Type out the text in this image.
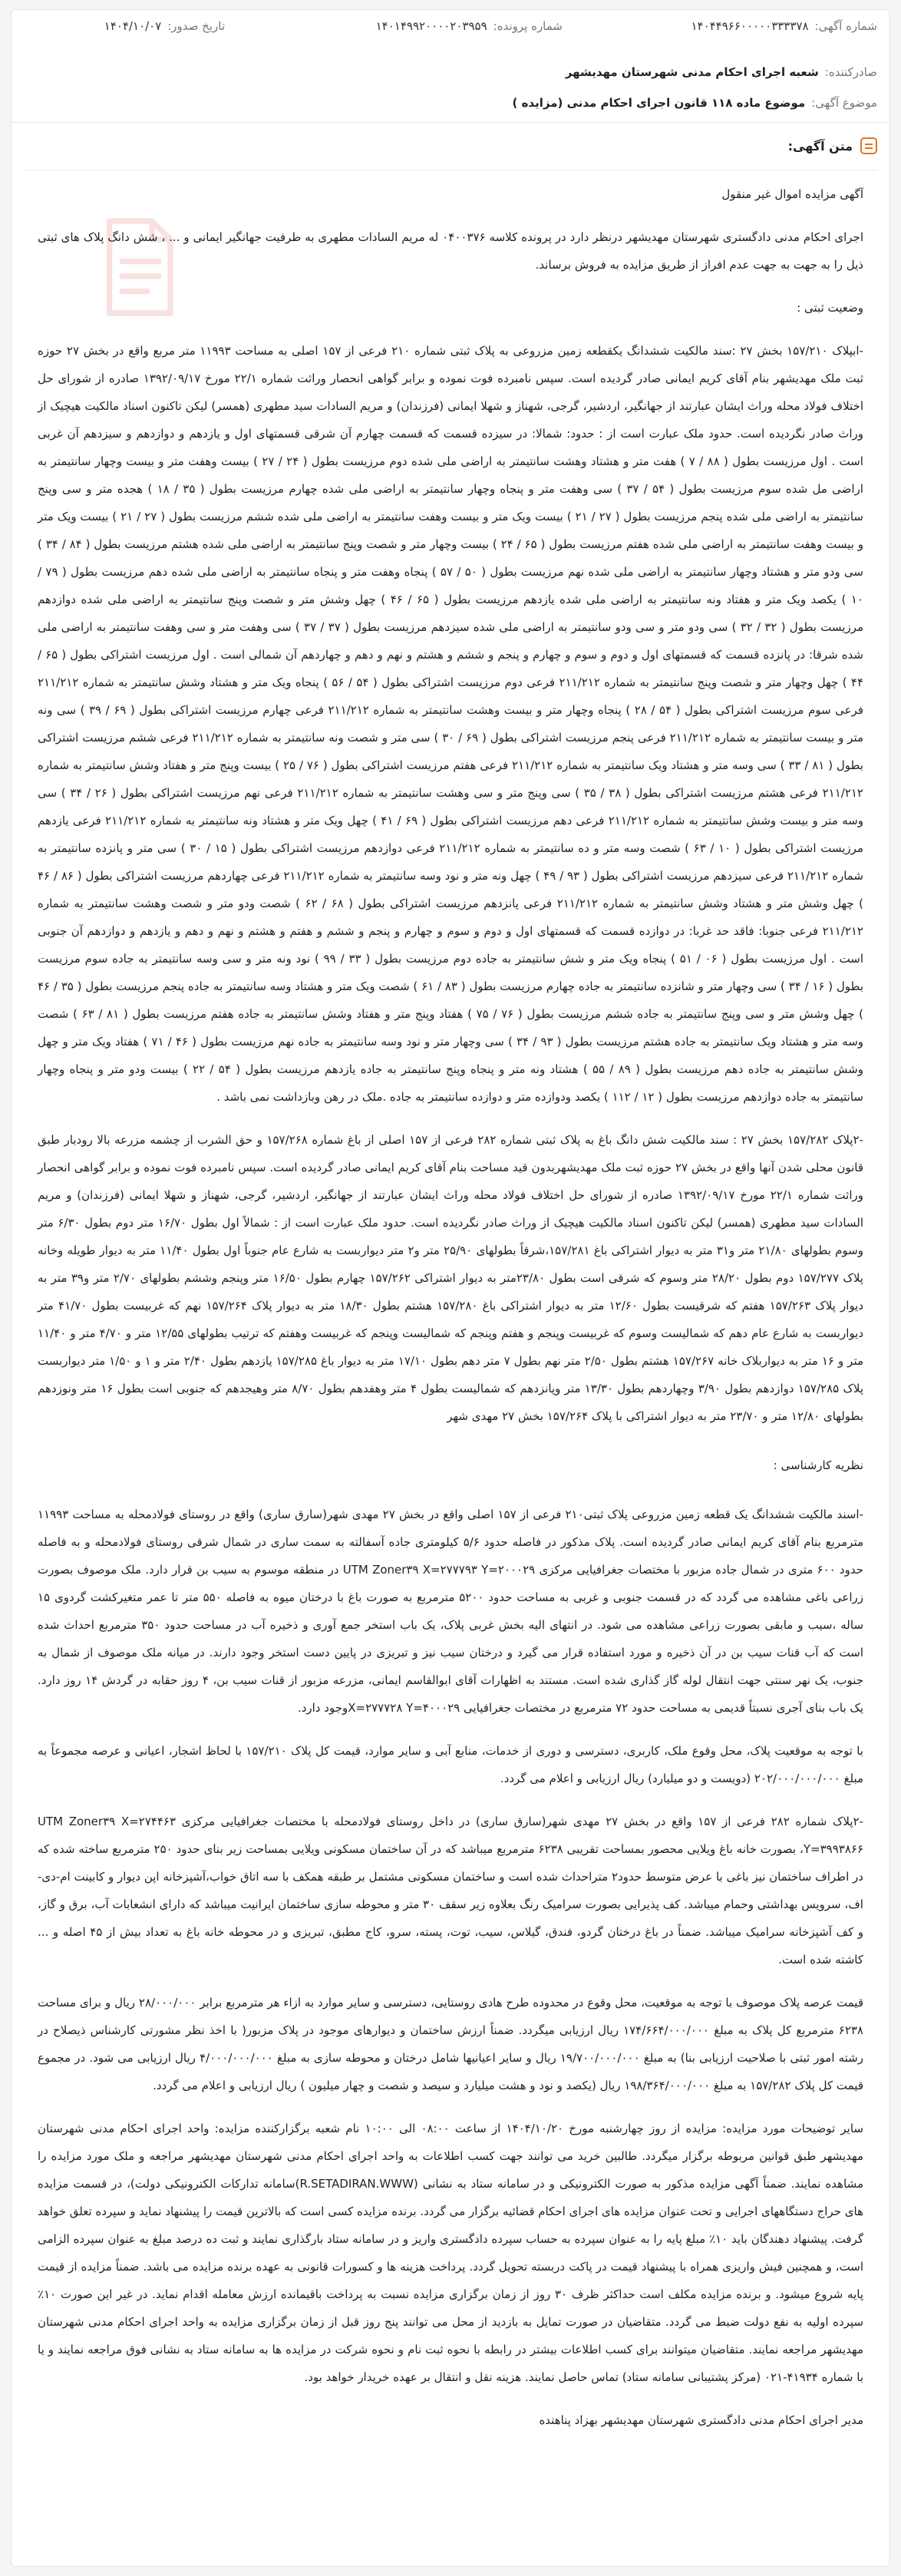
شماره آگهی:۱۴۰۴۴۹۶۶۰۰۰۰۰۳۳۳۳۷۸
شماره پرونده:۱۴۰۱۴۹۹۲۰۰۰۰۲۰۳۹۵۹
تاریخ صدور:۱۴۰۴/۱۰/۰۷
صادرکننده:شعبه اجرای احکام مدنی شهرستان مهدیشهر
موضوع آگهی:موضوع ماده ۱۱۸ قانون اجرای احکام مدنی (مزایده )
متن آگهی:

آگهی مزایده اموال غیر منقول

اجرای احکام مدنی دادگستری شهرستان مهدیشهر درنظر دارد در پرونده کلاسه ۰۴۰۰۳۷۶ له مریم السادات مطهری به طرفیت جهانگیر ایمانی و ... ، شش دانگ پلاک های ثبتی ذیل را به جهت به جهت عدم افراز از طریق مزایده به فروش برساند.

وضعیت ثبتی :

-ابپلاک ۱۵۷/۲۱۰ بخش ۲۷ :سند مالکیت ششدانگ یکقطعه زمین مزروعی به پلاک ثبتی شماره ۲۱۰ فرعی از ۱۵۷ اصلی به مساحت ۱۱۹۹۳ متر مربع واقع در بخش ۲۷ حوزه ثبت ملک مهدیشهر بنام آقای کریم ایمانی صادر گردیده است. سپس نامبرده فوت نموده و برابر گواهی انحصار وراثت شماره ۲۲/۱ مورخ ۱۳۹۲/۰۹/۱۷ صادره از شورای حل اختلاف فولاد محله وراث ایشان عبارتند از جهانگیر، اردشیر، گرجی، شهناز و شهلا ایمانی (فرزندان) و مریم السادات سید مطهری (همسر) لیکن تاکنون اسناد مالکیت هیچیک از وراث صادر نگردیده است. حدود ملک عبارت است از : حدود: شمالا: در سیزده قسمت که قسمت چهارم آن شرقی قسمتهای اول و یازدهم و دوازدهم و سیزدهم آن غربی است . اول مرزیست بطول ( ۸۸ / ۷ ) هفت متر و هشتاد وهشت سانتیمتر به اراضی ملی شده دوم مرزیست بطول ( ۲۴ / ۲۷ ) بیست وهفت متر و بیست وچهار سانتیمتر به اراضی مل شده سوم مرزیست بطول ( ۵۴ / ۳۷ ) سی وهفت متر و پنجاه وچهار سانتیمتر به اراضی ملی شده چهارم مرزیست بطول ( ۳۵ / ۱۸ ) هجده متر و سی وپنج سانتیمتر به اراضی ملی شده پنجم مرزیست بطول ( ۲۷ / ۲۱ ) بیست ویک متر و بیست وهفت سانتیمتر به اراضی ملی شده ششم مرزیست بطول ( ۲۷ / ۲۱ ) بیست ویک متر و بیست وهفت سانتیمتر به اراضی ملی شده هفتم مرزیست بطول ( ۶۵ / ۲۴ ) بیست وچهار متر و شصت وپنج سانتیمتر به اراضی ملی شده هشتم مرزیست بطول ( ۸۴ / ۳۴ ) سی ودو متر و هشتاد وچهار سانتیمتر به اراضی ملی شده نهم مرزیست بطول ( ۵۰ / ۵۷ ) پنجاه وهفت متر و پنجاه سانتیمتر به اراضی ملی شده دهم مرزیست بطول ( ۷۹ / ۱۰ ) یکصد ویک متر و هفتاد ونه سانتیمتر به اراضی ملی شده یازدهم مرزیست بطول ( ۶۵ / ۴۶ ) چهل وشش متر و شصت وپنج سانتیمتر به اراضی ملی شده دوازدهم مرزیست بطول ( ۳۲ / ۳۲ ) سی ودو متر و سی ودو سانتیمتر به اراضی ملی شده سیزدهم مرزیست بطول ( ۳۷ / ۳۷ ) سی وهفت متر و سی وهفت سانتیمتر به اراضی ملی شده شرقا: در پانزده قسمت که قسمتهای اول و دوم و سوم و چهارم و پنجم و ششم و هشتم و نهم و دهم و چهاردهم آن شمالی است . اول مرزیست اشتراکی بطول ( ۶۵ / ۴۴ ) چهل وچهار متر و شصت وپنج سانتیمتر به شماره ۲۱۱/۲۱۲ فرعی دوم مرزیست اشتراکی بطول ( ۵۴ / ۵۶ ) پنجاه ویک متر و هشتاد وشش سانتیمتر به شماره ۲۱۱/۲۱۲ فرعی سوم مرزیست اشتراکی بطول ( ۵۴ / ۲۸ ) پنجاه وچهار متر و بیست وهشت سانتیمتر به شماره ۲۱۱/۲۱۲ فرعی چهارم مرزیست اشتراکی بطول ( ۶۹ / ۳۹ ) سی ونه متر و بیست سانتیمتر به شماره ۲۱۱/۲۱۲ فرعی پنجم مرزیست اشتراکی بطول ( ۶۹ / ۳۰ ) سی متر و شصت ونه سانتیمتر به شماره ۲۱۱/۲۱۲ فرعی ششم مرزیست اشتراکی بطول ( ۸۱ / ۳۳ ) سی وسه متر و هشتاد ویک سانتیمتر به شماره ۲۱۱/۲۱۲ فرعی هفتم مرزیست اشتراکی بطول ( ۷۶ / ۲۵ ) بیست وپنج متر و هفتاد وشش سانتیمتر به شماره ۲۱۱/۲۱۲ فرعی هشتم مرزیست اشتراکی بطول ( ۳۸ / ۳۵ ) سی وپنج متر و سی وهشت سانتیمتر به شماره ۲۱۱/۲۱۲ فرعی نهم مرزیست اشتراکی بطول ( ۲۶ / ۳۴ ) سی وسه متر و بیست وشش سانتیمتر به شماره ۲۱۱/۲۱۲ فرعی دهم مرزیست اشتراکی بطول ( ۶۹ / ۴۱ ) چهل ویک متر و هشتاد ونه سانتیمتر به شماره ۲۱۱/۲۱۲ فرعی یازدهم مرزیست اشتراکی بطول ( ۱۰ / ۶۳ ) شصت وسه متر و ده سانتیمتر به شماره ۲۱۱/۲۱۲ فرعی دوازدهم مرزیست اشتراکی بطول ( ۱۵ / ۳۰ ) سی متر و پانزده سانتیمتر به شماره ۲۱۱/۲۱۲ فرعی سیزدهم مرزیست اشتراکی بطول ( ۹۳ / ۴۹ ) چهل ونه متر و نود وسه سانتیمتر به شماره ۲۱۱/۲۱۲ فرعی چهاردهم مرزیست اشتراکی بطول ( ۸۶ / ۴۶ ) چهل وشش متر و هشتاد وشش سانتیمتر به شماره ۲۱۱/۲۱۲ فرعی پانزدهم مرزیست اشتراکی بطول ( ۶۸ / ۶۲ ) شصت ودو متر و شصت وهشت سانتیمتر به شماره ۲۱۱/۲۱۲ فرعی جنوبا: فاقد حد غربا: در دوازده قسمت که قسمتهای اول و دوم و سوم و چهارم و پنجم و ششم و هفتم و هشتم و نهم و دهم و یازدهم و دوازدهم آن جنوبی است . اول مرزیست بطول ( ۰۶ / ۵۱ ) پنجاه ویک متر و شش سانتیمتر به جاده دوم مرزیست بطول ( ۳۳ / ۹۹ ) نود ونه متر و سی وسه سانتیمتر به جاده سوم مرزیست بطول ( ۱۶ / ۳۴ ) سی وچهار متر و شانزده سانتیمتر به جاده چهارم مرزیست بطول ( ۸۳ / ۶۱ ) شصت ویک متر و هشتاد وسه سانتیمتر به جاده پنجم مرزیست بطول ( ۳۵ / ۴۶ ) چهل وشش متر و سی وپنج سانتیمتر به جاده ششم مرزیست بطول ( ۷۶ / ۷۵ ) هفتاد وپنج متر و هفتاد وشش سانتیمتر به جاده هفتم مرزیست بطول ( ۸۱ / ۶۳ ) شصت وسه متر و هشتاد ویک سانتیمتر به جاده هشتم مرزیست بطول ( ۹۳ / ۳۴ ) سی وچهار متر و نود وسه سانتیمتر به جاده نهم مرزیست بطول ( ۴۶ / ۷۱ ) هفتاد ویک متر و چهل وشش سانتیمتر به جاده دهم مرزیست بطول ( ۸۹ / ۵۵ ) هشتاد ونه متر و پنجاه وپنج سانتیمتر به جاده یازدهم مرزیست بطول ( ۵۴ / ۲۲ ) بیست ودو متر و پنجاه وچهار سانتیمتر به جاده دوازدهم مرزیست بطول ( ۱۲ / ۱۱۲ ) یکصد ودوازده متر و دوازده سانتیمتر به جاده .ملک در رهن وبازداشت نمی باشد .

-۲پلاک ۱۵۷/۲۸۲ بخش ۲۷ : سند مالکیت شش دانگ باغ به پلاک ثبتی شماره ۲۸۲ فرعی از ۱۵۷ اصلی از باغ شماره ۱۵۷/۲۶۸ و حق الشرب از چشمه مزرعه بالا رودبار طبق قانون محلی شدن آنها واقع در بخش ۲۷ حوزه ثبت ملک مهدیشهربدون قید مساحت بنام آقای کریم ایمانی صادر گردیده است. سپس نامبرده فوت نموده و برابر گواهی انحصار وراثت شماره ۲۲/۱ مورخ ۱۳۹۲/۰۹/۱۷ صادره از شورای حل اختلاف فولاد محله وراث ایشان عبارتند از جهانگیر، اردشیر، گرجی، شهناز و شهلا ایمانی (فرزندان) و مریم السادات سید مطهری (همسر) لیکن تاکنون اسناد مالکیت هیچیک از وراث صادر نگردیده است. حدود ملک عبارت است از : شمالاً اول بطول ۱۶/۷۰ متر دوم بطول ۶/۳۰ متر وسوم بطولهای ۲۱/۸۰ متر و۳۱ متر به دیوار اشتراکی باغ ۱۵۷/۲۸۱،شرقاً بطولهای ۲۵/۹۰ متر و۲ متر دیواربست به شارع عام جنوباً اول بطول ۱۱/۴۰ متر به دیوار طویله وخانه پلاک ۱۵۷/۲۷۷ دوم بطول ۲۸/۲۰ متر وسوم که شرقی است بطول ۲۳/۸۰متر به دیوار اشتراکی ۱۵۷/۲۶۲ چهارم بطول ۱۶/۵۰ متر وپنجم وششم بطولهای ۲/۷۰ متر و۳۹ متر به دیوار پلاک ۱۵۷/۲۶۳ هفتم که شرقیست بطول ۱۲/۶۰ متر به دیوار اشتراکی باغ ۱۵۷/۲۸۰ هشتم بطول ۱۸/۳۰ متر به دیوار پلاک ۱۵۷/۲۶۴ نهم که غربیست بطول ۴۱/۷۰ متر دیواربست به شارع عام دهم که شمالیست وسوم که غربیست وپنجم و هفتم وپنجم که شمالیست وپنجم که غربیست وهفتم که ترتیب بطولهای ۱۲/۵۵ متر و ۴/۷۰ متر و ۱۱/۴۰ متر و ۱۶ متر به دیواربلاک خانه ۱۵۷/۲۶۷ هشتم بطول ۲/۵۰ متر نهم بطول ۷ متر دهم بطول ۱۷/۱۰ متر به دیوار باغ ۱۵۷/۲۸۵ یازدهم بطول ۲/۴۰ متر و ۱ و ۱/۵۰ متر دیواربست پلاک ۱۵۷/۲۸۵ دوازدهم بطول ۳/۹۰ وچهاردهم بطول ۱۳/۳۰ متر وپانزدهم که شمالیست بطول ۴ متر وهفدهم بطول ۸/۷۰ متر وهیجدهم که جنوبی است بطول ۱۶ متر ونوزدهم بطولهای ۱۲/۸۰ متر و ۲۳/۷۰ متر به دیوار اشتراکی با پلاک ۱۵۷/۲۶۴ بخش ۲۷ مهدی شهر

نظریه کارشناسی :

-اسند مالکیت ششدانگ یک قطعه زمین مزروعی پلاک ثبتی۲۱۰ فرعی از ۱۵۷ اصلی واقع در بخش ۲۷ مهدی شهر(سارق ساری) واقع در روستای فولادمحله به مساحت ۱۱۹۹۳ مترمربع بنام آقای کریم ایمانی صادر گردیده است. پلاک مذکور در فاصله حدود ۵/۶ کیلومتری جاده آسفالته به سمت ساری در شمال شرقی روستای فولادمحله و به فاصله حدود ۶۰۰ متری در شمال جاده مزبور با مختصات جغرافیایی مرکزی UTM Zoner۳۹ X=۲۷۷۷۹۳ Y=۲۰۰۰۲۹ در منطقه موسوم به سیب بن قرار دارد. ملک موصوف بصورت زراعی باغی مشاهده می گردد که در قسمت جنوبی و غربی به مساحت حدود ۵۲۰۰ مترمربع به صورت باغ با درختان میوه به فاصله ۵۵۰ متر تا عمر متغیرکشت گردوی ۱۵ ساله ،سیب و مابقی بصورت زراعی مشاهده می شود. در انتهای الیه بخش غربی پلاک، یک باب استخر جمع آوری و ذخیره آب در مساحت حدود ۳۵۰ مترمربع احداث شده است که آب قنات سیب بن در آن ذخیره و مورد استفاده قرار می گیرد و درختان سیب نیز و تبریزی در پایین دست استخر وجود دارند. در میانه ملک موصوف از شمال به جنوب، یک نهر سنتی جهت انتقال لوله گاز گذاری شده است. مستند به اظهارات آقای ابوالقاسم ایمانی، مزرعه مزبور از قنات سیب بن، ۴ روز حقابه در گردش ۱۴ روز دارد. یک باب بنای آجری نسبتاً قدیمی به مساحت حدود ۷۲ مترمربع در مختصات جغرافیایی X=۲۷۷۷۲۸ Y=۴۰۰۰۲۹وجود دارد.

با توجه به موقعیت پلاک، محل وقوع ملک، کاربری، دسترسی و دوری از خدمات، منابع آبی و سایر موارد، قیمت کل پلاک ۱۵۷/۲۱۰ با لحاظ اشجار، اعیانی و عرصه مجموعاً به مبلغ ۲۰۲/۰۰۰/۰۰۰/۰۰۰ (دویست و دو میلیارد) ریال ارزیابی و اعلام می گردد.

-۲پلاک شماره ۲۸۲ فرعی از ۱۵۷ واقع در بخش ۲۷ مهدی شهر(سارق ساری) در داخل روستای فولادمحله با مختصات جغرافیایی مرکزی UTM Zoner۳۹ X=۲۷۴۴۶۳ Y=۳۹۹۳۸۶۶، بصورت خانه باغ ویلایی محصور بمساحت تقریبی ۶۲۳۸ مترمربع میباشد که در آن ساختمان مسکونی ویلایی بمساحت زیر بنای حدود ۲۵۰ مترمربع ساخته شده که در اطراف ساختمان نیز باغی با عرض متوسط حدود۲ متراحداث شده است و ساختمان مسکونی مشتمل بر طبقه همکف با سه اتاق خواب،آشپزخانه اپن دیوار و کابینت ام-دی-اف، سرویس بهداشتی وحمام میباشد. کف پذیرایی بصورت سرامیک رنگ بعلاوه زیر سقف ۳۰ متر و محوطه سازی ساختمان ایرانیت میباشد که دارای انشعابات آب، برق و گاز، و کف آشپزخانه سرامیک میباشد. ضمناً در باغ درختان گردو، فندق، گیلاس، سیب، توت، پسته، سرو، کاج مطبق، تبریزی و در محوطه خانه باغ به تعداد بیش از ۴۵ اصله و ... کاشته شده است.

قیمت عرصه پلاک موصوف با توجه به موقعیت، محل وقوع در محدوده طرح هادی روستایی، دسترسی و سایر موارد به ازاء هر مترمربع برابر ۲۸/۰۰۰/۰۰۰ ریال و برای مساحت ۶۲۳۸ مترمربع کل پلاک به مبلغ ۱۷۴/۶۶۴/۰۰۰/۰۰۰ ریال ارزیابی میگردد. ضمناً ارزش ساختمان و دیوارهای موجود در پلاک مزبور( با اخذ نظر مشورتی کارشناس ذیصلاح در رشته امور ثبتی با صلاحیت ارزیابی بنا) به مبلغ ۱۹/۷۰۰/۰۰۰/۰۰۰ ریال و سایر اعیانیها شامل درختان و محوطه سازی به مبلغ ۴/۰۰۰/۰۰۰/۰۰۰ ریال ارزیابی می شود. در مجموع قیمت کل پلاک ۱۵۷/۲۸۲ به مبلغ ۱۹۸/۳۶۴/۰۰۰/۰۰۰ ریال (یکصد و نود و هشت میلیارد و سیصد و شصت و چهار میلیون ) ریال ارزیابی و اعلام می گردد.

سایر توضیحات مورد مزایده: مزایده از روز چهارشنبه مورخ ۱۴۰۴/۱۰/۲۰ از ساعت ۰۸:۰۰ الی ۱۰:۰۰ نام شعبه برگزارکننده مزایده: واحد اجرای احکام مدنی شهرستان مهدیشهر طبق قوانین مربوطه برگزار میگردد. طالبین خرید می توانند جهت کسب اطلاعات به واحد اجرای احکام مدنی شهرستان مهدیشهر مراجعه و ملک مورد مزایده را مشاهده نمایند. ضمناً آگهی مزایده مذکور به صورت الکترونیکی و در سامانه ستاد به نشانی (R.SETADIRAN.WWW)سامانه تدارکات الکترونیکی دولت)، در قسمت مزایده های حراج دستگاههای اجرایی و تحت عنوان مزایده های اجرای احکام قضائیه برگزار می گردد. برنده مزایده کسی است که بالاترین قیمت را پیشنهاد نماید و سپرده تعلق خواهد گرفت. پیشنهاد دهندگان باید ۱۰٪ مبلغ پایه را به عنوان سپرده به حساب سپرده دادگستری واریز و در سامانه ستاد بارگذاری نمایند و ثبت ده درصد مبلغ به عنوان سپرده الزامی است، و همچنین فیش واریزی همراه با پیشنهاد قیمت در پاکت دربسته تحویل گردد. پرداخت هزینه ها و کسورات قانونی به عهده برنده مزایده می باشد. ضمناً مزایده از قیمت پایه شروع میشود. و برنده مزایده مکلف است حداکثر ظرف ۳۰ روز از زمان برگزاری مزایده نسبت به پرداخت باقیمانده ارزش معامله اقدام نماید. در غیر این صورت ۱۰٪ سپرده اولیه به نفع دولت ضبط می گردد. متقاضیان در صورت تمایل به بازدید از محل می توانند پنج روز قبل از زمان برگزاری مزایده به واحد اجرای احکام مدنی شهرستان مهدیشهر مراجعه نمایند. متقاضیان میتوانند برای کسب اطلاعات بیشتر در رابطه با نحوه ثبت نام و نحوه شرکت در مزایده ها به سامانه ستاد به نشانی فوق مراجعه نمایند و یا با شماره ۴۱۹۳۴-۰۲۱ (مرکز پشتیبانی سامانه ستاد) تماس حاصل نمایند. هزینه نقل و انتقال بر عهده خریدار خواهد بود.

مدیر اجرای احکام مدنی دادگستری شهرستان مهدیشهر بهزاد پناهنده
